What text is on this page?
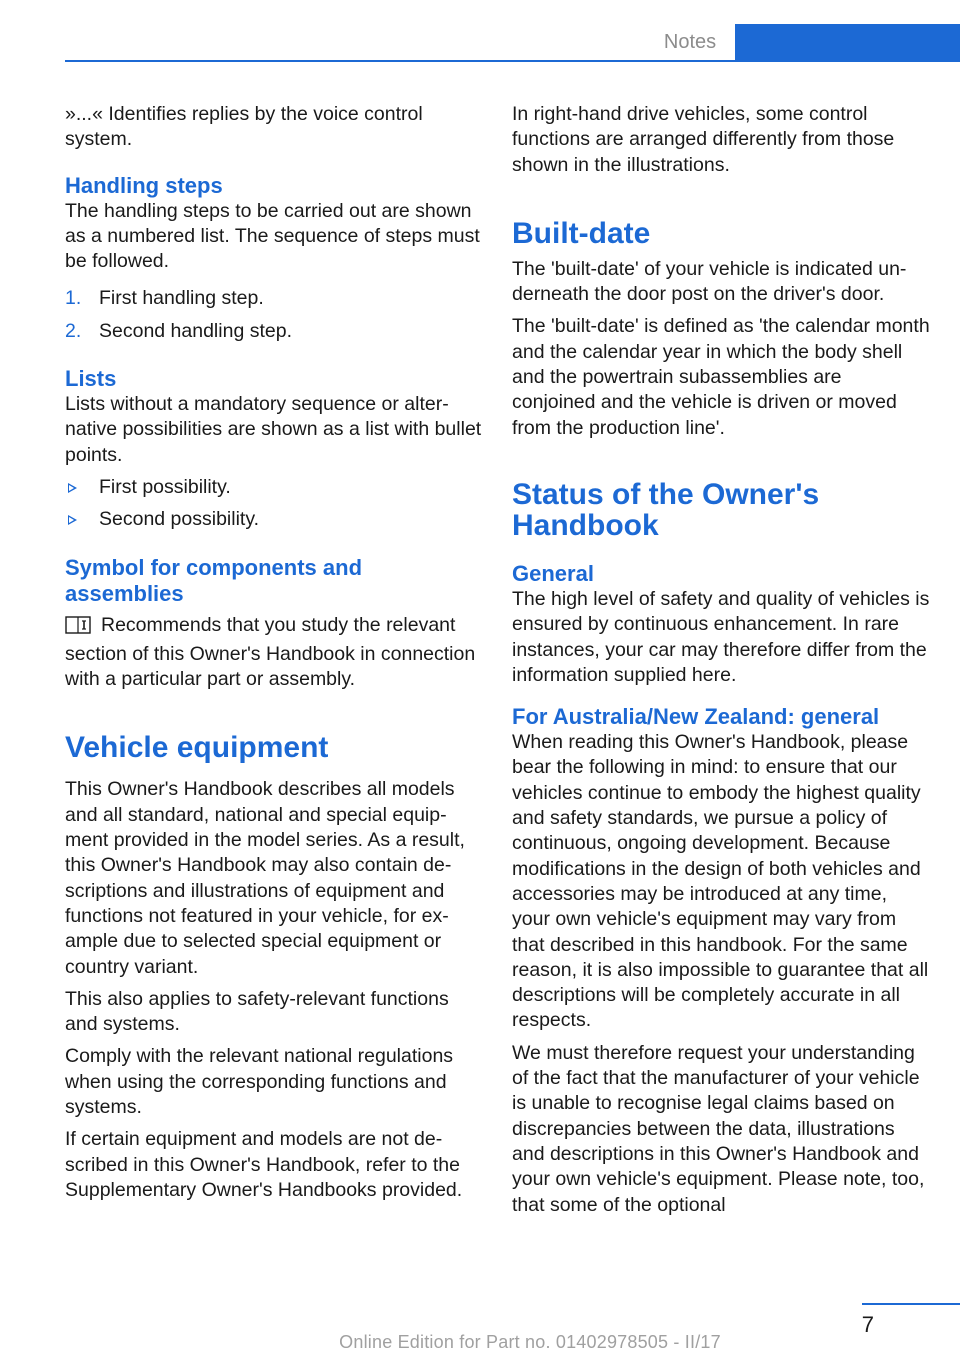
Notes

»...« Identifies replies by the voice control system.

Handling steps

The handling steps to be carried out are shown as a numbered list. The sequence of steps must be followed.

1. First handling step.
2. Second handling step.
Lists

Lists without a mandatory sequence or alternative possibilities are shown as a list with bullet points.

First possibility.
Second possibility.
Symbol for components and assemblies

Recommends that you study the relevant section of this Owner's Handbook in connection with a particular part or assembly.

Vehicle equipment

This Owner's Handbook describes all models and all standard, national and special equipment provided in the model series. As a result, this Owner's Handbook may also contain descriptions and illustrations of equipment and functions not featured in your vehicle, for example due to selected special equipment or country variant.

This also applies to safety-relevant functions and systems.

Comply with the relevant national regulations when using the corresponding functions and systems.

If certain equipment and models are not described in this Owner's Handbook, refer to the Supplementary Owner's Handbooks provided.

In right-hand drive vehicles, some control functions are arranged differently from those shown in the illustrations.

Built-date

The 'built-date' of your vehicle is indicated underneath the door post on the driver's door.

The 'built-date' is defined as 'the calendar month and the calendar year in which the body shell and the powertrain subassemblies are conjoined and the vehicle is driven or moved from the production line'.

Status of the Owner's Handbook
General

The high level of safety and quality of vehicles is ensured by continuous enhancement. In rare instances, your car may therefore differ from the information supplied here.

For Australia/New Zealand: general

When reading this Owner's Handbook, please bear the following in mind: to ensure that our vehicles continue to embody the highest quality and safety standards, we pursue a policy of continuous, ongoing development. Because modifications in the design of both vehicles and accessories may be introduced at any time, your own vehicle's equipment may vary from that described in this handbook. For the same reason, it is also impossible to guarantee that all descriptions will be completely accurate in all respects.

We must therefore request your understanding of the fact that the manufacturer of your vehicle is unable to recognise legal claims based on discrepancies between the data, illustrations and descriptions in this Owner's Handbook and your own vehicle's equipment. Please note, too, that some of the optional

7
Online Edition for Part no. 01402978505 - II/17
